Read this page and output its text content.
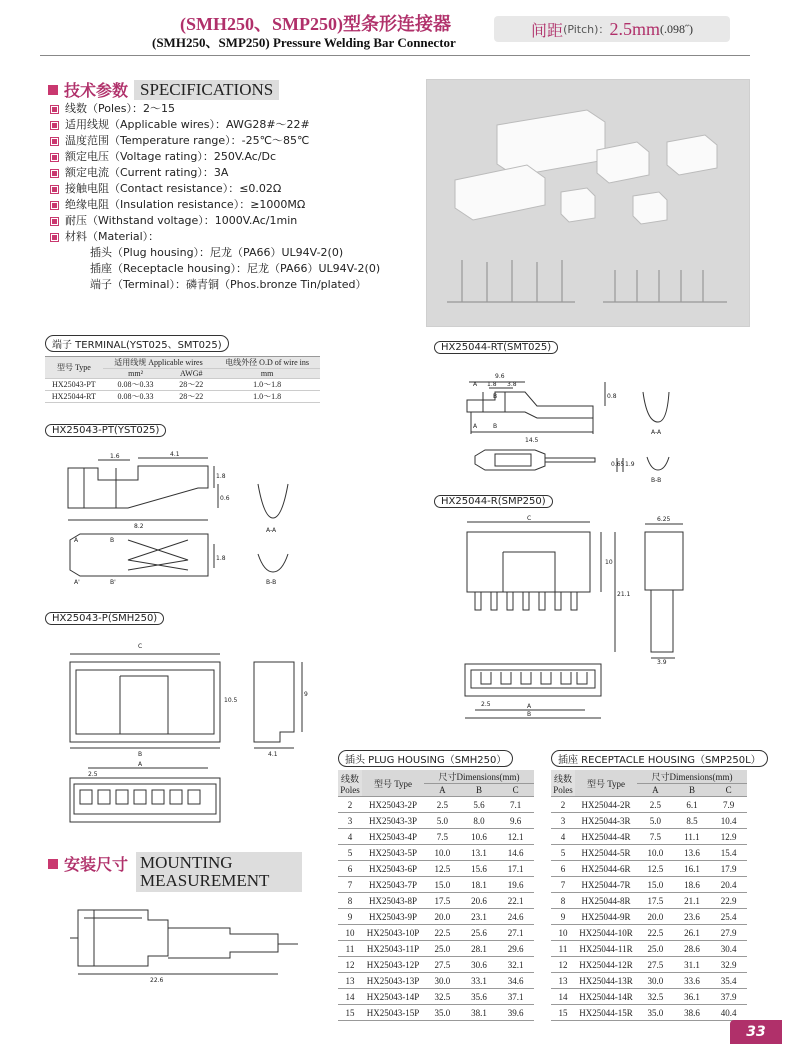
(SMH250、SMP250)型条形连接器
(SMH250、SMP250) Pressure Welding Bar Connector
间距 (Pitch)： 2.5mm (.098˝)
技术参数 SPECIFICATIONS
线数（Poles）：2～15
适用线规（Applicable wires）：AWG28#～22#
温度范围（Temperature range）：-25℃～85℃
额定电压（Voltage rating）：250V.Ac/Dc
额定电流（Current rating）：3A
接触电阻（Contact resistance）：≤0.02Ω
绝缘电阻（Insulation resistance）：≥1000MΩ
耐压（Withstand voltage）：1000V.Ac/1min
材料（Material）：
插头（Plug housing）：尼龙（PA66）UL94V-2(0)
插座（Receptacle housing）：尼龙（PA66）UL94V-2(0)
端子（Terminal）：磷青铜（Phos.bronze Tin/plated）
端子 TERMINAL(YST025、SMT025)
型号 Type	适用线规 Applicable wires		电线外径 O.D of wire ins
	mm²	AWG#	mm
HX25043-PT	0.08～0.33	28～22	1.0～1.8
HX25044-RT	0.08～0.33	28～22	1.0～1.8
HX25044-RT(SMT025)
9.6
1.8 3.8
0.8
14.5
0.65 1.9
A-A
B-B
A
A
B
B
HX25043-PT(YST025)
1.6	4.1
1.8
0.6
8.2
1.8
A-A
B-B
A
A'
B
B'
HX25044-R(SMP250)
C	6.25
10
21.1
3.9
2.5	A
B
HX25043-P(SMH250)
C
10.5
9
B	4.1
A
2.5
安装尺寸 MOUNTING
MEASUREMENT
22.6
插头 PLUG HOUSING（SMH250）
线数 Poles	型号 Type	尺寸Dimensions(mm)		
		A	B	C
2	HX25043-2P	2.5	5.6	7.1
3	HX25043-3P	5.0	8.0	9.6
4	HX25043-4P	7.5	10.6	12.1
5	HX25043-5P	10.0	13.1	14.6
6	HX25043-6P	12.5	15.6	17.1
7	HX25043-7P	15.0	18.1	19.6
8	HX25043-8P	17.5	20.6	22.1
9	HX25043-9P	20.0	23.1	24.6
10	HX25043-10P	22.5	25.6	27.1
11	HX25043-11P	25.0	28.1	29.6
12	HX25043-12P	27.5	30.6	32.1
13	HX25043-13P	30.0	33.1	34.6
14	HX25043-14P	32.5	35.6	37.1
15	HX25043-15P	35.0	38.1	39.6
插座 RECEPTACLE HOUSING（SMP250L）
线数 Poles	型号 Type	尺寸Dimensions(mm)		
		A	B	C
2	HX25044-2R	2.5	6.1	7.9
3	HX25044-3R	5.0	8.5	10.4
4	HX25044-4R	7.5	11.1	12.9
5	HX25044-5R	10.0	13.6	15.4
6	HX25044-6R	12.5	16.1	17.9
7	HX25044-7R	15.0	18.6	20.4
8	HX25044-8R	17.5	21.1	22.9
9	HX25044-9R	20.0	23.6	25.4
10	HX25044-10R	22.5	26.1	27.9
11	HX25044-11R	25.0	28.6	30.4
12	HX25044-12R	27.5	31.1	32.9
13	HX25044-13R	30.0	33.6	35.4
14	HX25044-14R	32.5	36.1	37.9
15	HX25044-15R	35.0	38.6	40.4
33
